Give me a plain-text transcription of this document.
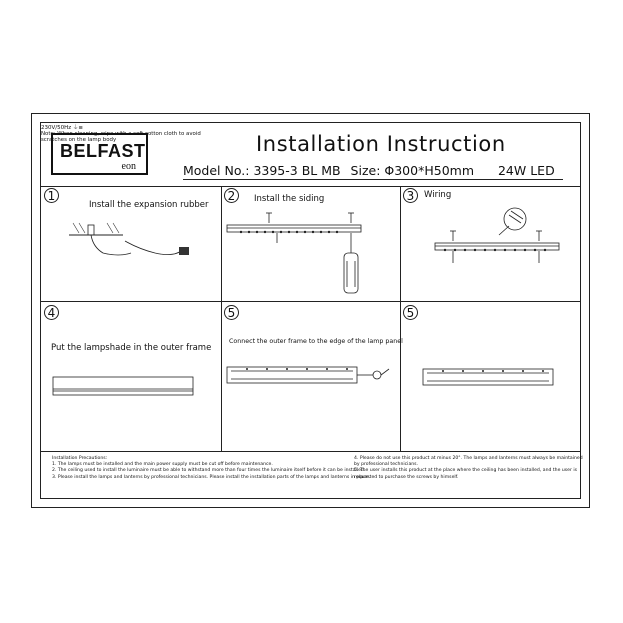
BELFAST
eon
Installation Instruction
Model No.: 3395-3 BL MB Size: Φ300*H50mm 24W LED
1
Install the expansion rubber
230V/50Hz ⏚≡
2	Install the siding	3	Wiring
4
Put the lampshade in the outer frame
5
Connect the outer frame to the edge of the lamp panel
5
Note: When cleaning, wipe with a soft cotton cloth to avoid
scratches on the lamp body
Installation Precautions:
1. The lamps must be installed and the main power supply must be cut off before maintenance.
2. The ceiling used to install the luminaire must be able to withstand more than four times the luminaire itself before it can be installed.
3. Please install the lamps and lanterns by professional technicians. Please install the installation parts of the lamps and lanterns in place.
4. Please do not use this product at minus 20°. The lamps and lanterns must always be maintained
by professional technicians.
5. The user installs this product at the place where the ceiling has been installed, and the user is
requested to purchase the screws by himself.
